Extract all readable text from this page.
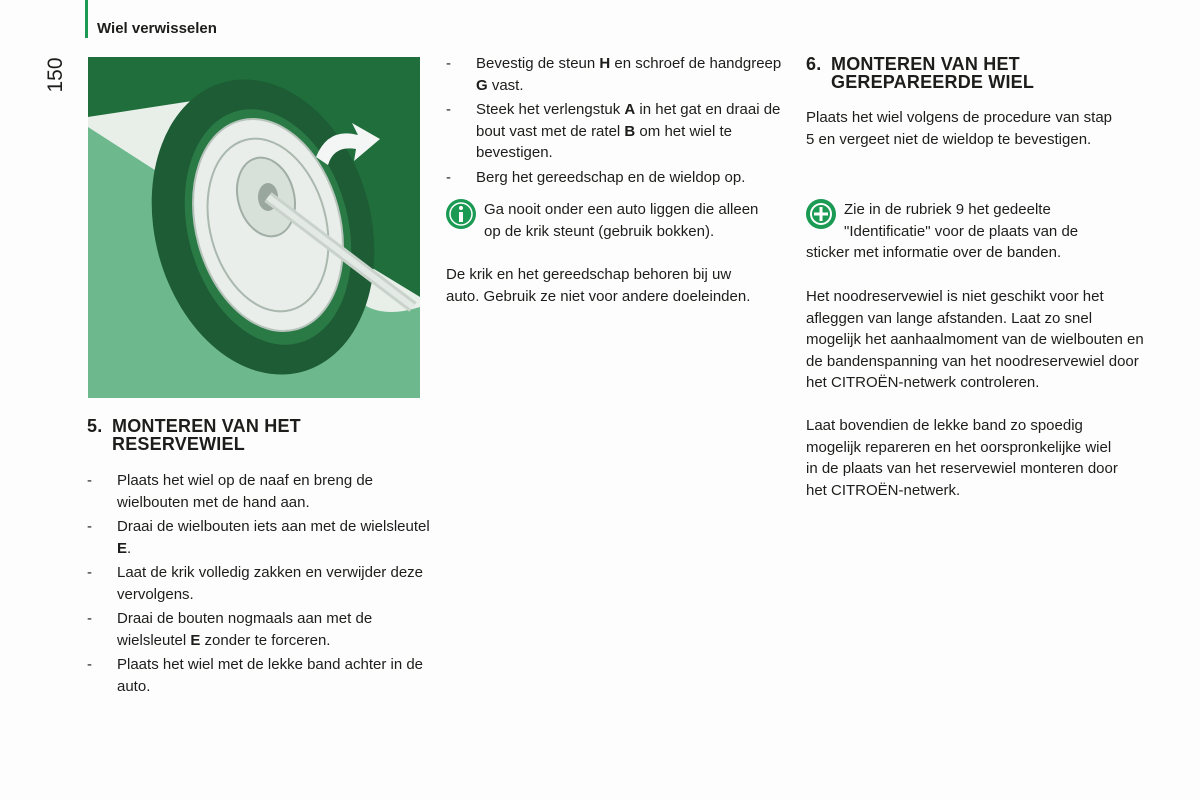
Wiel verwisselen
150
5. MONTEREN VAN HET
RESERVEWIEL
- Plaats het wiel op de naaf en breng de wielbouten met de hand aan.
- Draai de wielbouten iets aan met de wielsleutel E.
- Laat de krik volledig zakken en verwijder deze vervolgens.
- Draai de bouten nogmaals aan met de wielsleutel E zonder te forceren.
- Plaats het wiel met de lekke band achter in de auto.
- Bevestig de steun H en schroef de handgreep G vast.
- Steek het verlengstuk A in het gat en draai de bout vast met de ratel B om het wiel te bevestigen.
- Berg het gereedschap en de wieldop op.
Ga nooit onder een auto liggen die alleen op de krik steunt (gebruik bokken).
De krik en het gereedschap behoren bij uw auto. Gebruik ze niet voor andere doeleinden.
6. MONTEREN VAN HET
GEREPAREERDE WIEL
Plaats het wiel volgens de procedure van stap 5 en vergeet niet de wieldop te bevestigen.
Zie in de rubriek 9 het gedeelte "Identificatie" voor de plaats van de sticker met informatie over de banden.
Het noodreservewiel is niet geschikt voor het afleggen van lange afstanden. Laat zo snel mogelijk het aanhaalmoment van de wielbouten en de bandenspanning van het noodreservewiel door het CITROËN-netwerk controleren.
Laat bovendien de lekke band zo spoedig mogelijk repareren en het oorspronkelijke wiel in de plaats van het reservewiel monteren door het CITROËN-netwerk.
